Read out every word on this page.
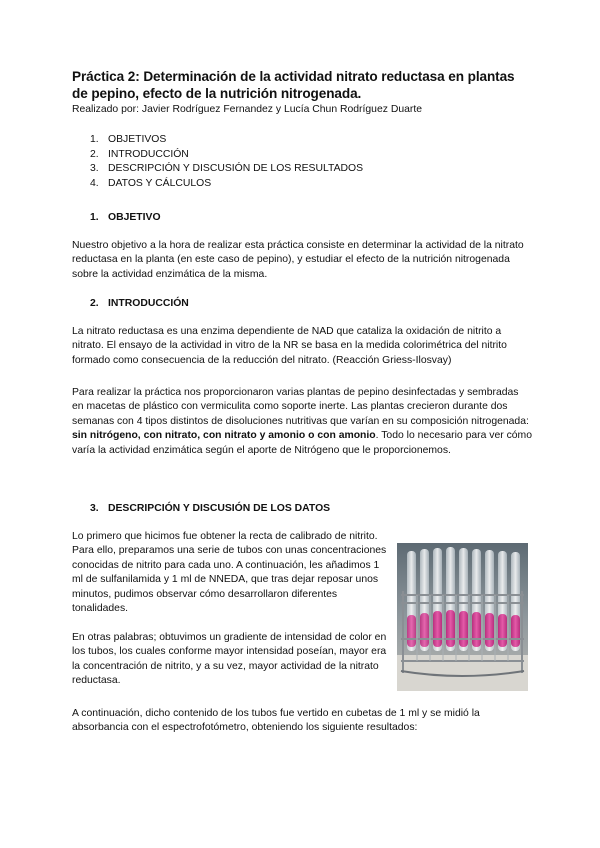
Práctica 2: Determinación de la actividad nitrato reductasa en plantas de pepino, efecto de la nutrición nitrogenada.

Realizado por: Javier Rodríguez Fernandez y Lucía Chun Rodríguez Duarte

1. OBJETIVOS
2. INTRODUCCIÓN
3. DESCRIPCIÓN Y DISCUSIÓN DE LOS RESULTADOS
4. DATOS Y CÁLCULOS
1. OBJETIVO

Nuestro objetivo a la hora de realizar esta práctica consiste en determinar la actividad de la nitrato reductasa en la planta (en este caso de pepino), y estudiar el efecto de la nutrición nitrogenada sobre la actividad enzimática de la misma.

2. INTRODUCCIÓN

La nitrato reductasa es una enzima dependiente de NAD que cataliza la oxidación de nitrito a nitrato. El ensayo de la actividad in vitro de la NR se basa en la medida colorimétrica del nitrito formado como consecuencia de la reducción del nitrato. (Reacción Griess-Ilosvay)

Para realizar la práctica nos proporcionaron varias plantas de pepino desinfectadas y sembradas en macetas de plástico con vermiculita como soporte inerte. Las plantas crecieron durante dos semanas con 4 tipos distintos de disoluciones nutritivas que varían en su composición nitrogenada: sin nitrógeno, con nitrato, con nitrato y amonio o con amonio. Todo lo necesario para ver cómo varía la actividad enzimática según el aporte de Nitrógeno que le proporcionemos.

3. DESCRIPCIÓN Y DISCUSIÓN DE LOS DATOS

Lo primero que hicimos fue obtener la recta de calibrado de nitrito. Para ello, preparamos una serie de tubos con unas concentraciones conocidas de nitrito para cada uno. A continuación, les añadimos 1 ml de sulfanilamida y 1 ml de NNEDA, que tras dejar reposar unos minutos, pudimos observar cómo desarrollaron diferentes tonalidades.

En otras palabras; obtuvimos un gradiente de intensidad de color en los tubos, los cuales conforme mayor intensidad poseían, mayor era la concentración de nitrito, y a su vez, mayor actividad de la nitrato reductasa.

A continuación, dicho contenido de los tubos fue vertido en cubetas de 1 ml y se midió la absorbancia con el espectrofotómetro, obteniendo los siguiente resultados:
